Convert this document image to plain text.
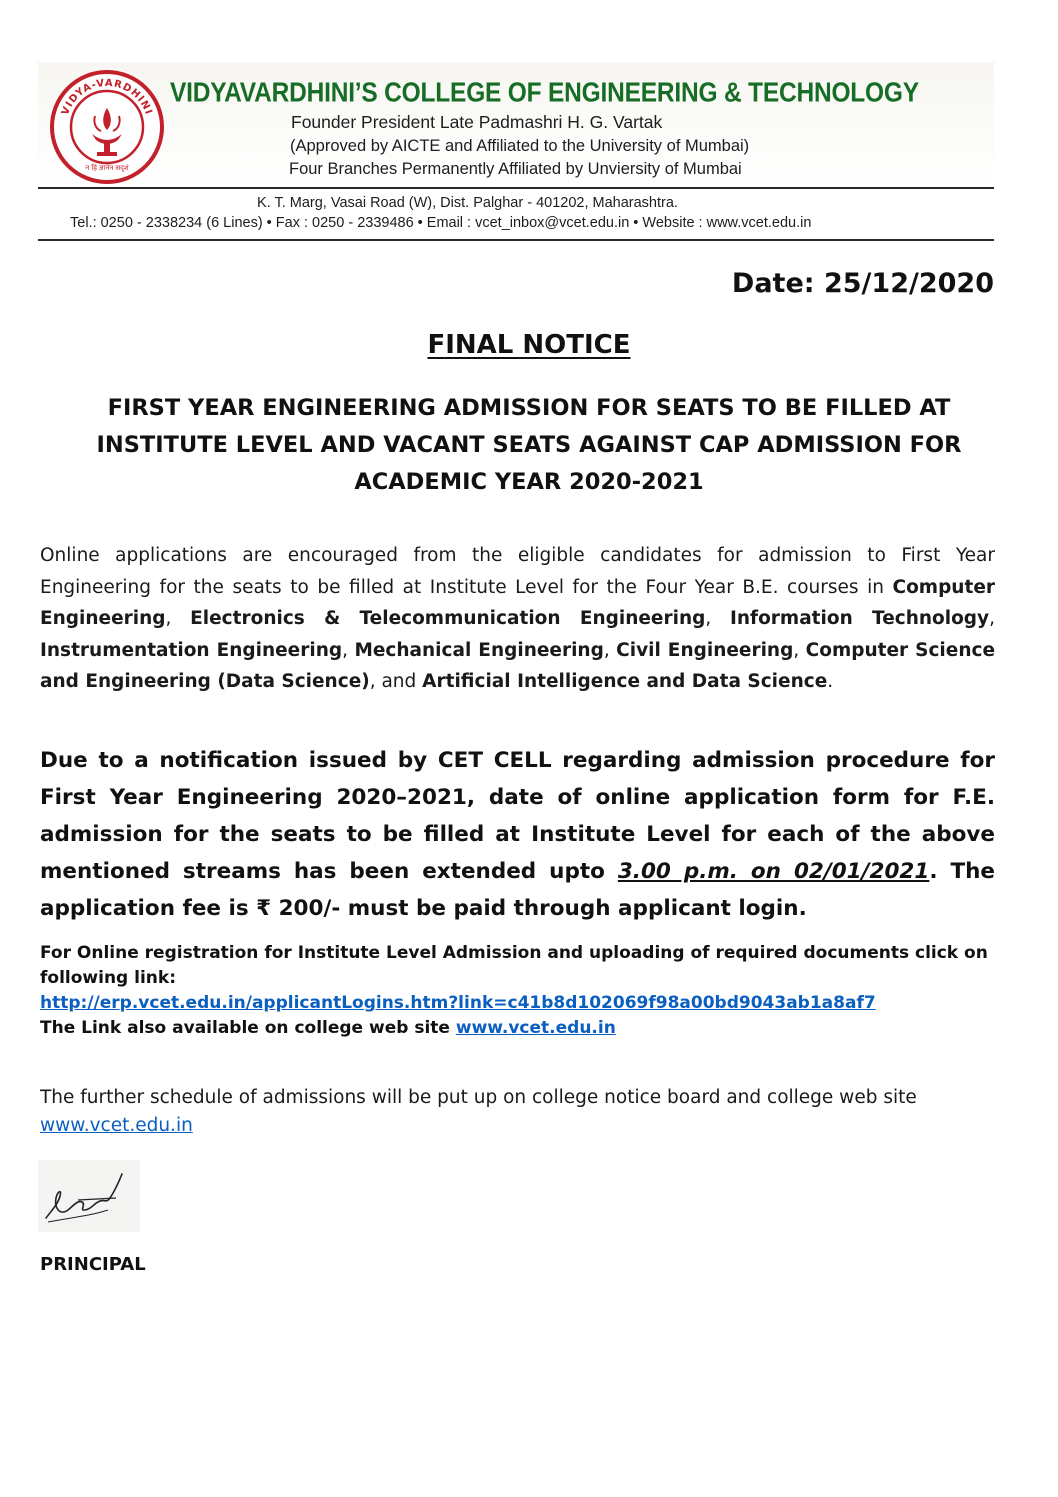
VIDYA-VARDHINI
न हि ज्ञानेन सदृशं
VIDYAVARDHINI’S COLLEGE OF ENGINEERING & TECHNOLOGY
Founder President Late Padmashri H. G. Vartak
(Approved by AICTE and Affiliated to the University of Mumbai)
Four Branches Permanently Affiliated by Unviersity of Mumbai
K. T. Marg, Vasai Road (W), Dist. Palghar - 401202, Maharashtra.
Tel.: 0250 - 2338234 (6 Lines) • Fax : 0250 - 2339486 • Email : vcet_inbox@vcet.edu.in • Website : www.vcet.edu.in
Date: 25/12/2020
FINAL NOTICE
FIRST YEAR ENGINEERING ADMISSION FOR SEATS TO BE FILLED AT INSTITUTE LEVEL AND VACANT SEATS AGAINST CAP ADMISSION FOR ACADEMIC YEAR 2020-2021
Online applications are encouraged from the eligible candidates for admission to First Year Engineering for the seats to be filled at Institute Level for the Four Year B.E. courses in Computer Engineering, Electronics & Telecommunication Engineering, Information Technology, Instrumentation Engineering, Mechanical Engineering, Civil Engineering, Computer Science and Engineering (Data Science), and Artificial Intelligence and Data Science.
Due to a notification issued by CET CELL regarding admission procedure for First Year Engineering 2020–2021, date of online application form for F.E. admission for the seats to be filled at Institute Level for each of the above mentioned streams has been extended upto 3.00 p.m. on 02/01/2021. The application fee is ₹ 200/- must be paid through applicant login.
For Online registration for Institute Level Admission and uploading of required documents click on following link:
http://erp.vcet.edu.in/applicantLogins.htm?link=c41b8d102069f98a00bd9043ab1a8af7
The Link also available on college web site www.vcet.edu.in
The further schedule of admissions will be put up on college notice board and college web site www.vcet.edu.in
PRINCIPAL
